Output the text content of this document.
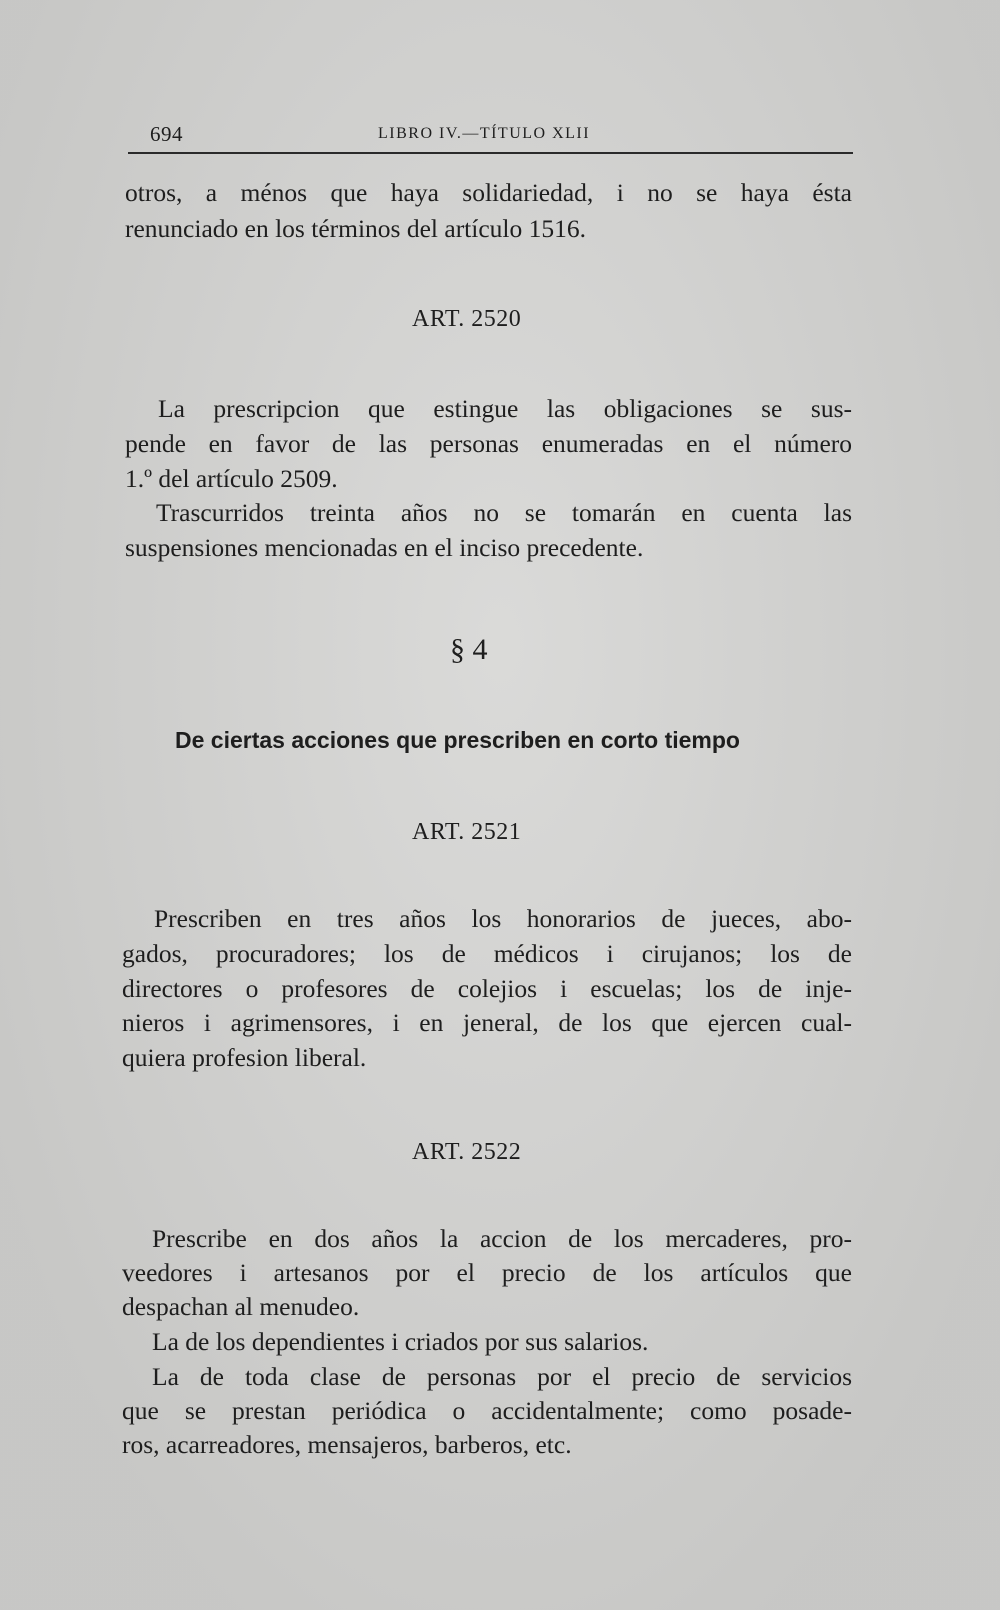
694	LIBRO IV.—TÍTULO XLII
otros, a ménos que haya solidariedad, i no se haya ésta
renunciado en los términos del artículo 1516.
ART. 2520
La prescripcion que estingue las obligaciones se sus-
pende en favor de las personas enumeradas en el número
1.º del artículo 2509.
Trascurridos treinta años no se tomarán en cuenta las
suspensiones mencionadas en el inciso precedente.
§ 4
De ciertas acciones que prescriben en corto tiempo
ART. 2521
Prescriben en tres años los honorarios de jueces, abo-
gados, procuradores; los de médicos i cirujanos; los de
directores o profesores de colejios i escuelas; los de inje-
nieros i agrimensores, i en jeneral, de los que ejercen cual-
quiera profesion liberal.
ART. 2522
Prescribe en dos años la accion de los mercaderes, pro-
veedores i artesanos por el precio de los artículos que
despachan al menudeo.
La de los dependientes i criados por sus salarios.
La de toda clase de personas por el precio de servicios
que se prestan periódica o accidentalmente; como posade-
ros, acarreadores, mensajeros, barberos, etc.
